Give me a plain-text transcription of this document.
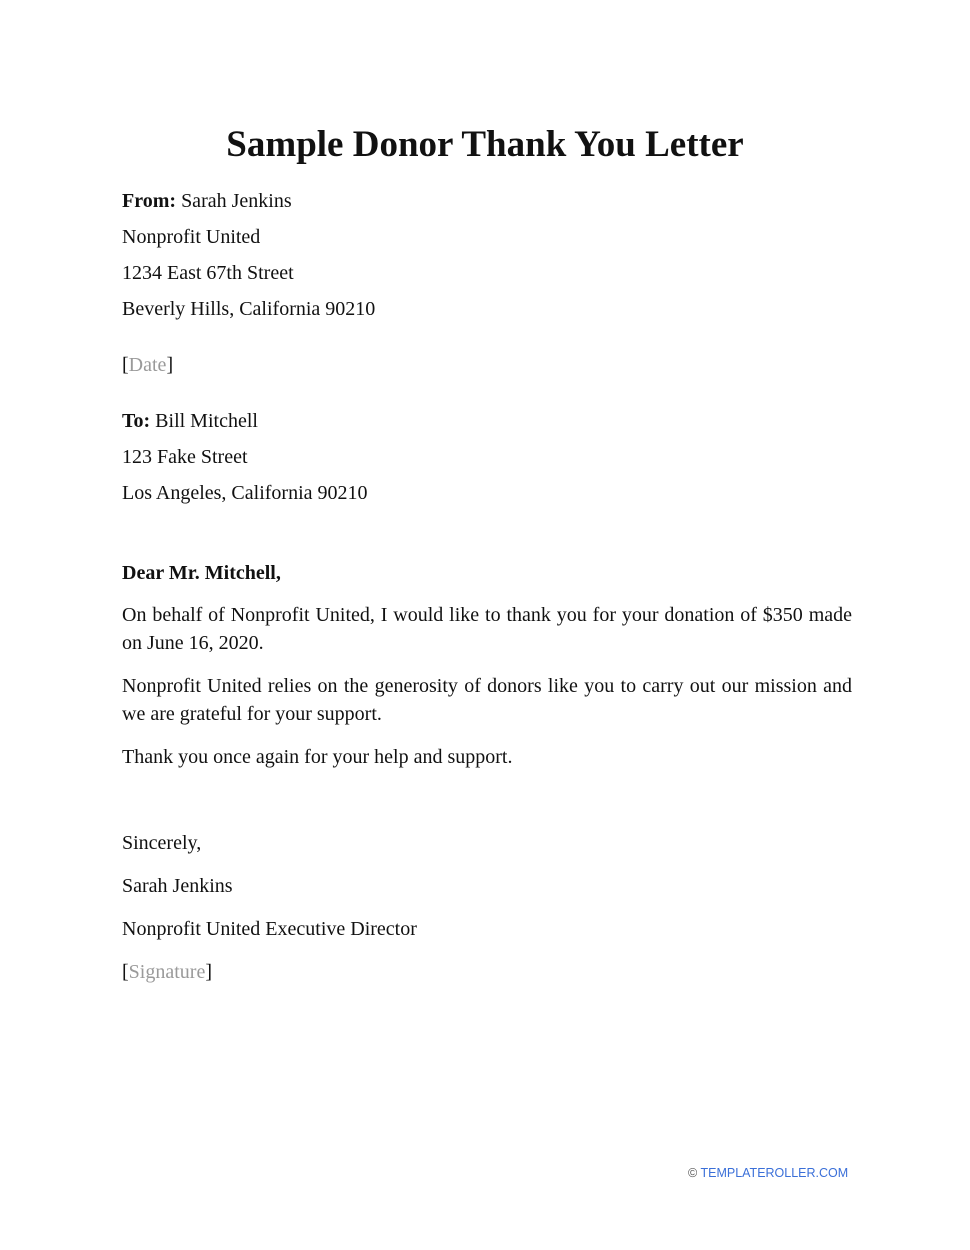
Sample Donor Thank You Letter
From: Sarah Jenkins
Nonprofit United
1234 East 67th Street
Beverly Hills, California 90210
[Date]
To: Bill Mitchell
123 Fake Street
Los Angeles, California 90210
Dear Mr. Mitchell,

On behalf of Nonprofit United, I would like to thank you for your donation of $350 made on June 16, 2020.

Nonprofit United relies on the generosity of donors like you to carry out our mission and we are grateful for your support.

Thank you once again for your help and support.

Sincerely,
Sarah Jenkins
Nonprofit United Executive Director
[Signature]
© TEMPLATEROLLER.COM
